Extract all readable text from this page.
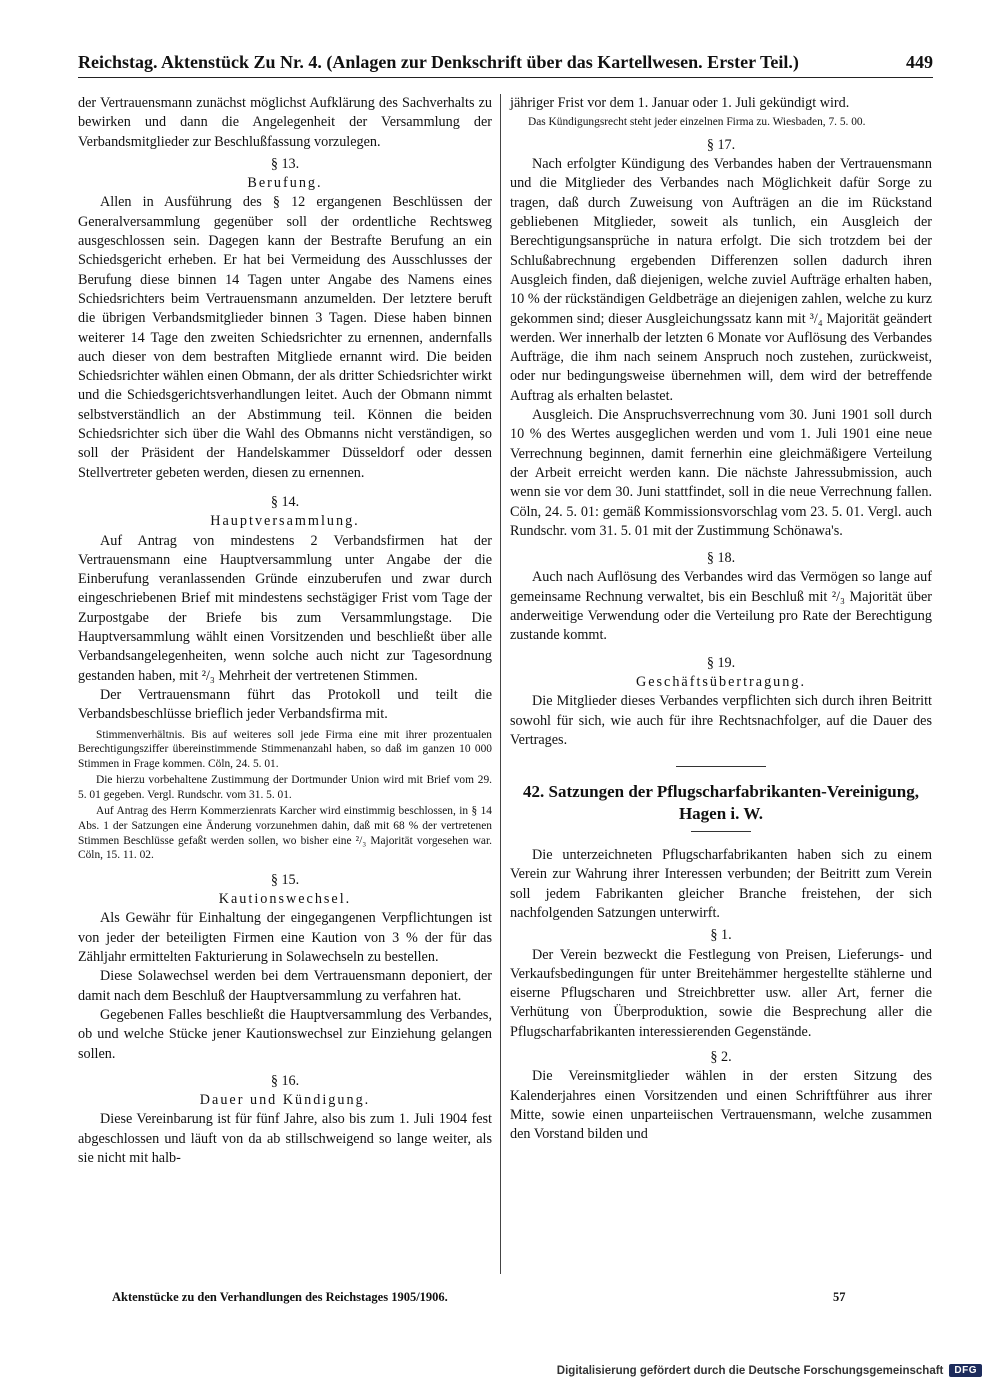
Reichstag. Aktenstück Zu Nr. 4. (Anlagen zur Denkschrift über das Kartellwesen. Erster Teil.)	449

der Vertrauensmann zunächst möglichst Aufklärung des Sachverhalts zu bewirken und dann die Angelegenheit der Versammlung der Verbandsmitglieder zur Beschlußfassung vorzulegen.

§ 13.

Berufung.

Allen in Ausführung des § 12 ergangenen Beschlüssen der Generalversammlung gegenüber soll der ordentliche Rechtsweg ausgeschlossen sein. Dagegen kann der Bestrafte Berufung an ein Schiedsgericht erheben. Er hat bei Vermeidung des Ausschlusses der Berufung diese binnen 14 Tagen unter Angabe des Namens eines Schiedsrichters beim Vertrauensmann anzumelden. Der letztere beruft die übrigen Verbandsmitglieder binnen 3 Tagen. Diese haben binnen weiterer 14 Tage den zweiten Schiedsrichter zu ernennen, andernfalls auch dieser von dem bestraften Mitgliede ernannt wird. Die beiden Schiedsrichter wählen einen Obmann, der als dritter Schiedsrichter wirkt und die Schiedsgerichtsverhandlungen leitet. Auch der Obmann nimmt selbstverständlich an der Abstimmung teil. Können die beiden Schiedsrichter sich über die Wahl des Obmanns nicht verständigen, so soll der Präsident der Handelskammer Düsseldorf oder dessen Stellvertreter gebeten werden, diesen zu ernennen.

§ 14.

Hauptversammlung.

Auf Antrag von mindestens 2 Verbandsfirmen hat der Vertrauensmann eine Hauptversammlung unter Angabe der die Einberufung veranlassenden Gründe einzuberufen und zwar durch eingeschriebenen Brief mit mindestens sechstägiger Frist vom Tage der Zurpostgabe der Briefe bis zum Versammlungstage. Die Hauptversammlung wählt einen Vorsitzenden und beschließt über alle Verbandsangelegenheiten, wenn solche auch nicht zur Tagesordnung gestanden haben, mit ²/₃ Mehrheit der vertretenen Stimmen.

Der Vertrauensmann führt das Protokoll und teilt die Verbandsbeschlüsse brieflich jeder Verbandsfirma mit.

Stimmenverhältnis. Bis auf weiteres soll jede Firma eine mit ihrer prozentualen Berechtigungsziffer übereinstimmende Stimmenanzahl haben, so daß im ganzen 10 000 Stimmen in Frage kommen. Cöln, 24. 5. 01.

Die hierzu vorbehaltene Zustimmung der Dortmunder Union wird mit Brief vom 29. 5. 01 gegeben. Vergl. Rundschr. vom 31. 5. 01.

Auf Antrag des Herrn Kommerzienrats Karcher wird einstimmig beschlossen, in § 14 Abs. 1 der Satzungen eine Änderung vorzunehmen dahin, daß mit 68 % der vertretenen Stimmen Beschlüsse gefaßt werden sollen, wo bisher eine ²/₃ Majorität vorgesehen war. Cöln, 15. 11. 02.

§ 15.

Kautionswechsel.

Als Gewähr für Einhaltung der eingegangenen Verpflichtungen ist von jeder der beteiligten Firmen eine Kaution von 3 % der für das Zähljahr ermittelten Fakturierung in Solawechseln zu bestellen.

Diese Solawechsel werden bei dem Vertrauensmann deponiert, der damit nach dem Beschluß der Hauptversammlung zu verfahren hat.

Gegebenen Falles beschließt die Hauptversammlung des Verbandes, ob und welche Stücke jener Kautionswechsel zur Einziehung gelangen sollen.

§ 16.

Dauer und Kündigung.

Diese Vereinbarung ist für fünf Jahre, also bis zum 1. Juli 1904 fest abgeschlossen und läuft von da ab stillschweigend so lange weiter, als sie nicht mit halb-

jähriger Frist vor dem 1. Januar oder 1. Juli gekündigt wird.

Das Kündigungsrecht steht jeder einzelnen Firma zu. Wiesbaden, 7. 5. 00.

§ 17.

Nach erfolgter Kündigung des Verbandes haben der Vertrauensmann und die Mitglieder des Verbandes nach Möglichkeit dafür Sorge zu tragen, daß durch Zuweisung von Aufträgen an die im Rückstand gebliebenen Mitglieder, soweit als tunlich, ein Ausgleich der Berechtigungsansprüche in natura erfolgt. Die sich trotzdem bei der Schlußabrechnung ergebenden Differenzen sollen dadurch ihren Ausgleich finden, daß diejenigen, welche zuviel Aufträge erhalten haben, 10 % der rückständigen Geldbeträge an diejenigen zahlen, welche zu kurz gekommen sind; dieser Ausgleichungssatz kann mit ³/₄ Majorität geändert werden. Wer innerhalb der letzten 6 Monate vor Auflösung des Verbandes Aufträge, die ihm nach seinem Anspruch noch zustehen, zurückweist, oder nur bedingungsweise übernehmen will, dem wird der betreffende Auftrag als erhalten belastet.

Ausgleich. Die Anspruchsverrechnung vom 30. Juni 1901 soll durch 10 % des Wertes ausgeglichen werden und vom 1. Juli 1901 eine neue Verrechnung beginnen, damit fernerhin eine gleichmäßigere Verteilung der Arbeit erreicht werden kann. Die nächste Jahressubmission, auch wenn sie vor dem 30. Juni stattfindet, soll in die neue Verrechnung fallen. Cöln, 24. 5. 01: gemäß Kommissionsvorschlag vom 23. 5. 01. Vergl. auch Rundschr. vom 31. 5. 01 mit der Zustimmung Schönawa's.

§ 18.

Auch nach Auflösung des Verbandes wird das Vermögen so lange auf gemeinsame Rechnung verwaltet, bis ein Beschluß mit ²/₃ Majorität über anderweitige Verwendung oder die Verteilung pro Rate der Berechtigung zustande kommt.

§ 19.

Geschäftsübertragung.

Die Mitglieder dieses Verbandes verpflichten sich durch ihren Beitritt sowohl für sich, wie auch für ihre Rechtsnachfolger, auf die Dauer des Vertrages.

42. Satzungen der Pflugscharfabrikanten-Vereinigung, Hagen i. W.

Die unterzeichneten Pflugscharfabrikanten haben sich zu einem Verein zur Wahrung ihrer Interessen verbunden; der Beitritt zum Verein soll jedem Fabrikanten gleicher Branche freistehen, der sich nachfolgenden Satzungen unterwirft.

§ 1.

Der Verein bezweckt die Festlegung von Preisen, Lieferungs- und Verkaufsbedingungen für unter Breitehämmer hergestellte stählerne und eiserne Pflugscharen und Streichbretter usw. aller Art, ferner die Verhütung von Überproduktion, sowie die Besprechung aller die Pflugscharfabrikanten interessierenden Gegenstände.

§ 2.

Die Vereinsmitglieder wählen in der ersten Sitzung des Kalenderjahres einen Vorsitzenden und einen Schriftführer aus ihrer Mitte, sowie einen unparteiischen Vertrauensmann, welche zusammen den Vorstand bilden und

Aktenstücke zu den Verhandlungen des Reichstages 1905/1906.	57
Digitalisierung gefördert durch die Deutsche Forschungsgemeinschaft	DFG
